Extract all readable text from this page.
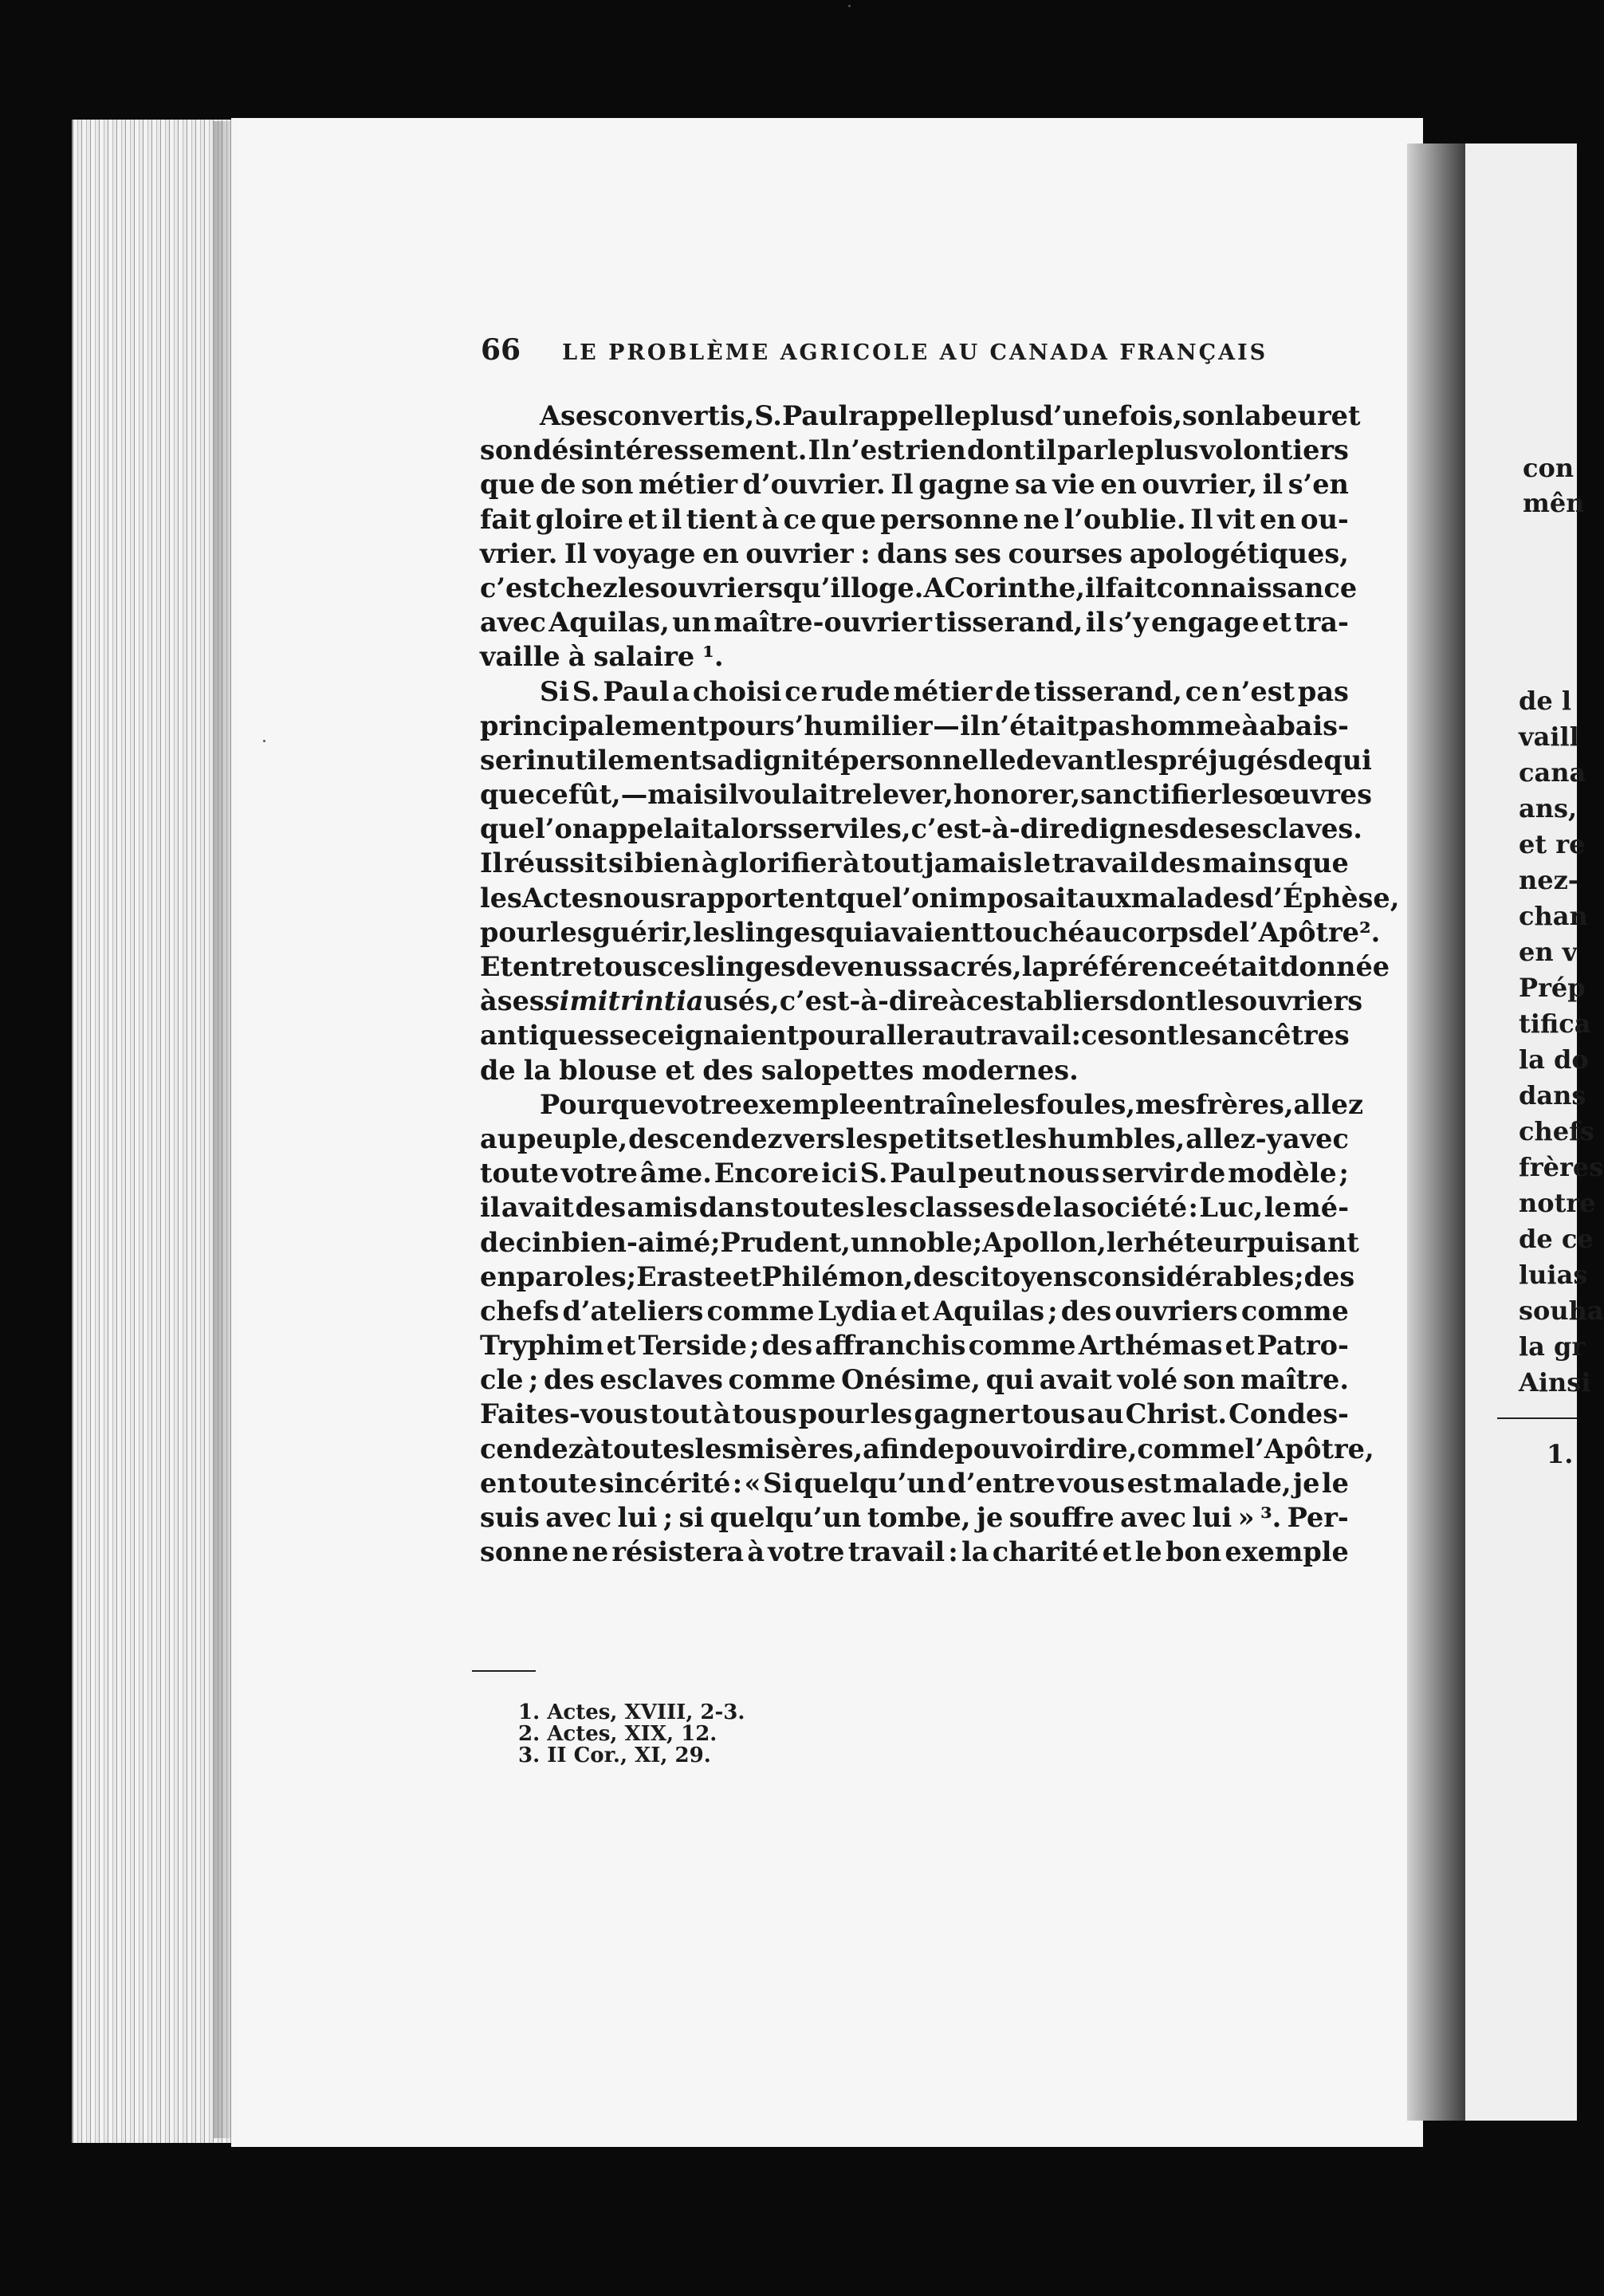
66 LE PROBLÈME AGRICOLE AU CANADA FRANÇAIS
A ses convertis, S. Paul rappelle plus d’une fois, son labeur et
son désintéressement. Il n’est rien dont il parle plus volontiers
que de son métier d’ouvrier. Il gagne sa vie en ouvrier, il s’en
fait gloire et il tient à ce que personne ne l’oublie. Il vit en ou-
vrier. Il voyage en ouvrier : dans ses courses apologétiques,
c’est chez les ouvriers qu’il loge. A Corinthe, il fait connaissance
avec Aquilas, un maître-ouvrier tisserand, il s’y engage et tra-
vaille à salaire ¹.
Si S. Paul a choisi ce rude métier de tisserand, ce n’est pas
principalement pour s’humilier — il n’était pas homme à abais-
ser inutilement sa dignité personnelle devant les préjugés de qui
que ce fût, — mais il voulait relever, honorer, sanctifier les œuvres
que l’on appelait alors serviles, c’est-à-dire dignes des esclaves.
Il réussit si bien à glorifier à tout jamais le travail des mains que
les Actes nous rapportent que l’on imposait aux malades d’Éphèse,
pour les guérir, les linges qui avaient touché au corps de l’Apôtre ².
Et entre tous ces linges devenus sacrés, la préférence était donnée
à ses simitrintia usés, c’est-à-dire à ces tabliers dont les ouvriers
antiques se ceignaient pour aller au travail : ce sont les ancêtres
de la blouse et des salopettes modernes.
Pour que votre exemple entraîne les foules, mes frères, allez
au peuple, descendez vers les petits et les humbles, allez-y avec
toute votre âme. Encore ici S. Paul peut nous servir de modèle ;
il avait des amis dans toutes les classes de la société : Luc, le mé-
decin bien-aimé ; Prudent, un noble ; Apollon, le rhéteur puisant
en paroles ; Eraste et Philémon, des citoyens considérables ; des
chefs d’ateliers comme Lydia et Aquilas ; des ouvriers comme
Tryphim et Terside ; des affranchis comme Arthémas et Patro-
cle ; des esclaves comme Onésime, qui avait volé son maître.
Faites-vous tout à tous pour les gagner tous au Christ. Condes-
cendez à toutes les misères, afin de pouvoir dire, comme l’Apôtre,
en toute sincérité : « Si quelqu’un d’entre vous est malade, je le
suis avec lui ; si quelqu’un tombe, je souffre avec lui » ³. Per-
sonne ne résistera à votre travail : la charité et le bon exemple
1. Actes, XVIII, 2-3.
2. Actes, XIX, 12.
3. II Cor., XI, 29.
con
mên
de l
vaill
cana
ans,
et re
nez-
chan
en v
Prép
tifica
la do
dans
chefs
frères
notre
de ce
luias
souha
la gr
Ainsi
1.
